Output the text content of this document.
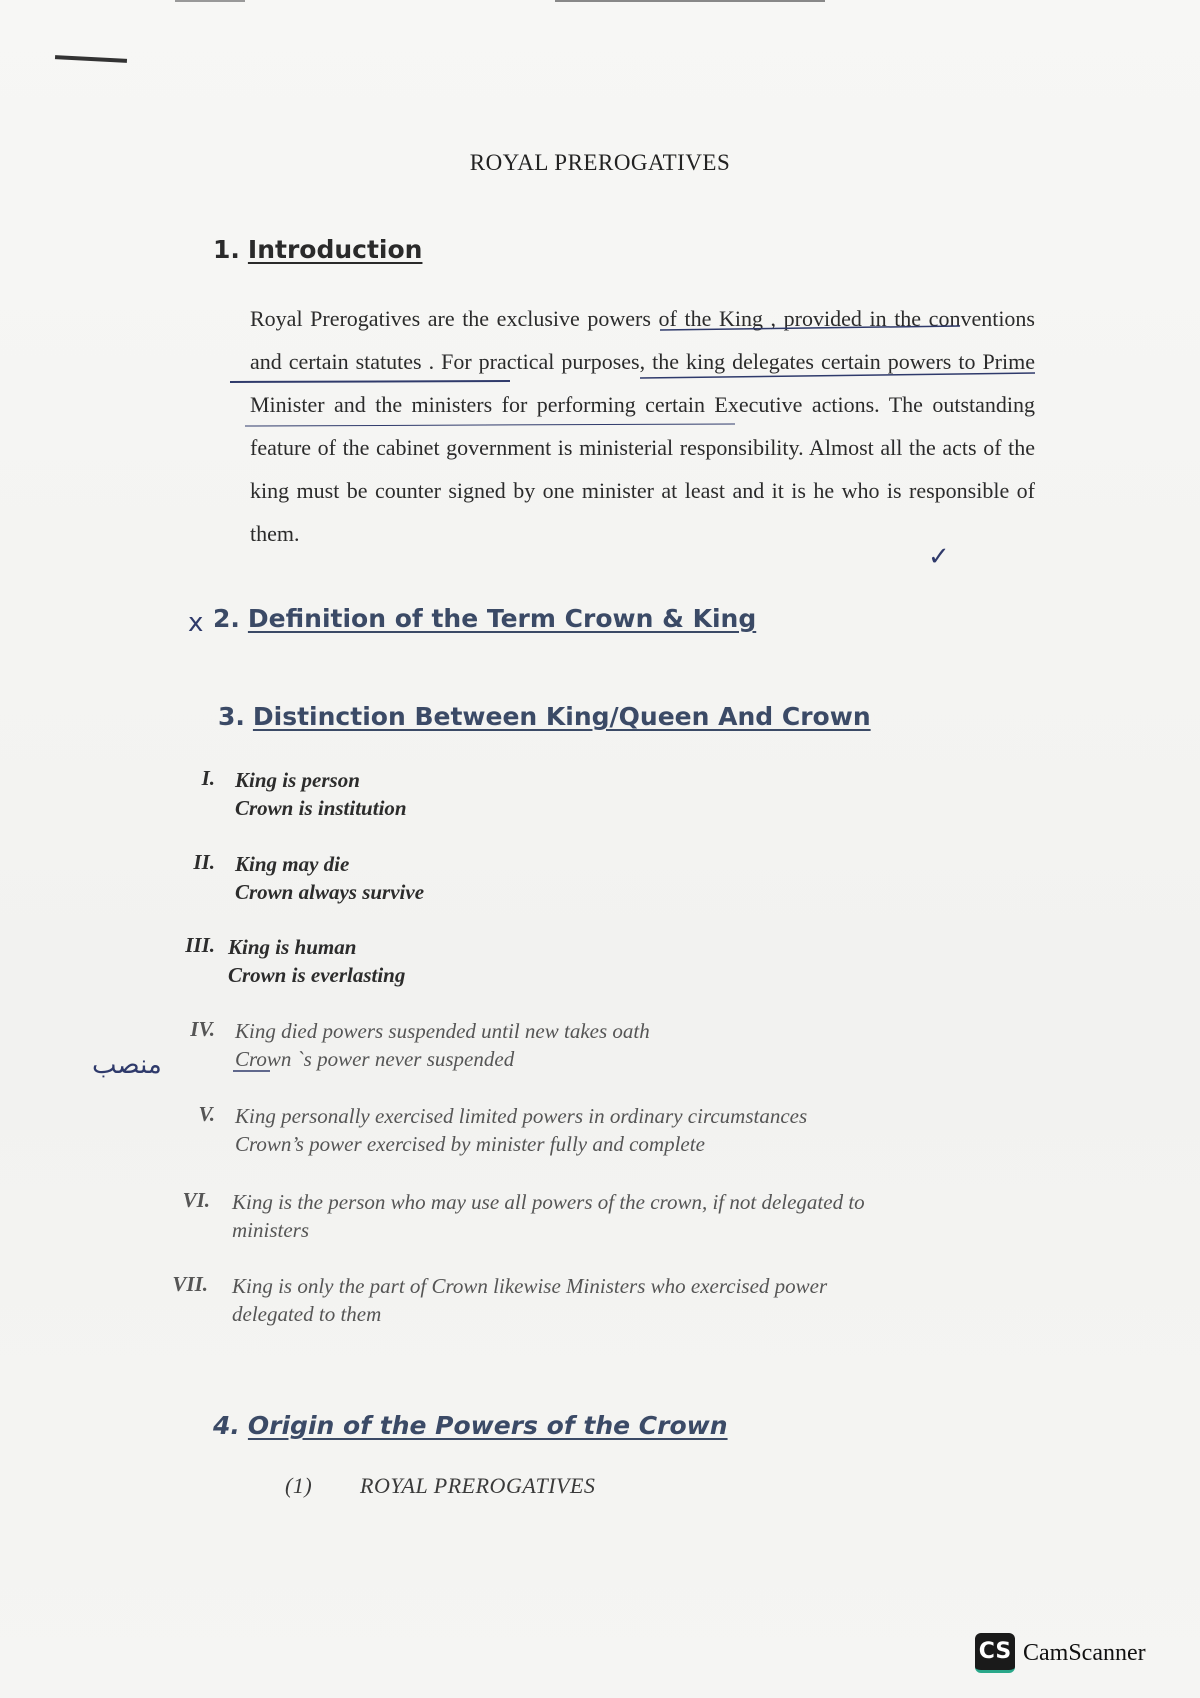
ROYAL PREROGATIVES
1. Introduction
Royal Prerogatives are the exclusive powers of the King , provided in the conventions and certain statutes . For practical purposes, the king delegates certain powers to Prime Minister and the ministers for performing certain Executive actions. The outstanding feature of the cabinet government is ministerial responsibility. Almost all the acts of the king must be counter signed by one minister at least and it is he who is responsible of them.
✓
x 2. Definition of the Term Crown & King
3. Distinction Between King/Queen And Crown
I. King is person
Crown is institution
II. King may die
Crown always survive
III. King is human
Crown is everlasting
منصب
IV. King died powers suspended until new takes oath
Crown `s power never suspended
V. King personally exercised limited powers in ordinary circumstances
Crown’s power exercised by minister fully and complete
VI. King is the person who may use all powers of the crown, if not delegated to
ministers
VII. King is only the part of Crown likewise Ministers who exercised power
delegated to them
4. Origin of the Powers of the Crown
(1) ROYAL PREROGATIVES
CS CamScanner
